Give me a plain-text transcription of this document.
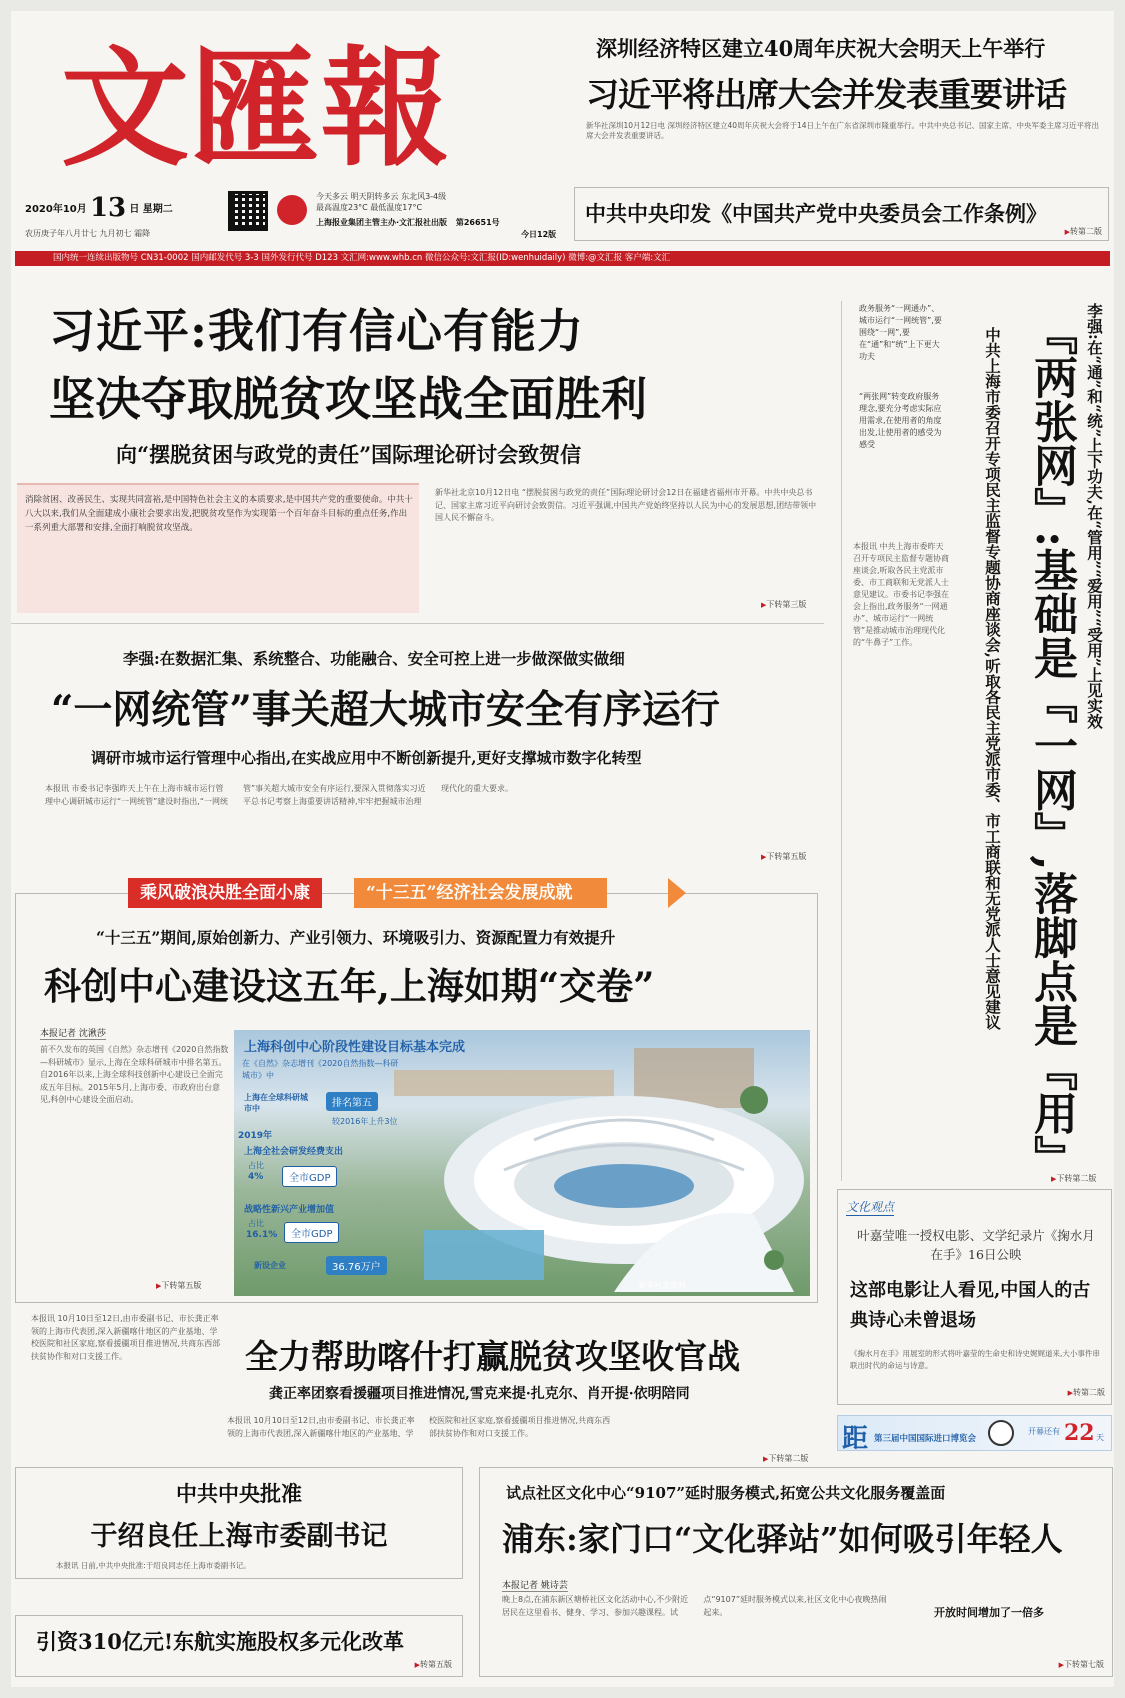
文匯報
2020年10月 13 日 星期二
农历庚子年八月廿七 九月初七 霜降
今天多云 明天阴转多云 东北风3-4级
最高温度23°C 最低温度17°C
上海报业集团主管主办·文汇报社出版 第26651号
今日12版
深圳经济特区建立40周年庆祝大会明天上午举行
习近平将出席大会并发表重要讲话
新华社深圳10月12日电 深圳经济特区建立40周年庆祝大会将于14日上午在广东省深圳市隆重举行。中共中央总书记、国家主席、中央军委主席习近平将出席大会并发表重要讲话。
中共中央印发《中国共产党中央委员会工作条例》
▶ 转第二版
国内统一连续出版物号 CN31-0002 国内邮发代号 3-3 国外发行代号 D123 文汇网:www.whb.cn 微信公众号:文汇报(ID:wenhuidaily) 微博:@文汇报 客户端:文汇
习近平:我们有信心有能力
坚决夺取脱贫攻坚战全面胜利
向“摆脱贫困与政党的责任”国际理论研讨会致贺信
消除贫困、改善民生、实现共同富裕,是中国特色社会主义的本质要求,是中国共产党的重要使命。中共十八大以来,我们从全面建成小康社会要求出发,把脱贫攻坚作为实现第一个百年奋斗目标的重点任务,作出一系列重大部署和安排,全面打响脱贫攻坚战。
新华社北京10月12日电 “摆脱贫困与政党的责任”国际理论研讨会12日在福建省福州市开幕。中共中央总书记、国家主席习近平向研讨会致贺信。习近平强调,中国共产党始终坚持以人民为中心的发展思想,团结带领中国人民不懈奋斗。
▶ 下转第三版
李强:在数据汇集、系统整合、功能融合、安全可控上进一步做深做实做细
“一网统管”事关超大城市安全有序运行
调研市城市运行管理中心指出,在实战应用中不断创新提升,更好支撑城市数字化转型
本报讯 市委书记李强昨天上午在上海市城市运行管理中心调研城市运行“一网统管”建设时指出,“一网统管”事关超大城市安全有序运行,要深入贯彻落实习近平总书记考察上海重要讲话精神,牢牢把握城市治理现代化的重大要求。
▶ 下转第五版
政务服务“一网通办”、城市运行“一网统管”,要围绕“一网”,要在“通”和“统”上下更大功夫
“两张网”转变政府服务理念,要充分考虑实际应用需求,在使用者的角度出发,让使用者的感受为感受
本报讯 中共上海市委昨天召开专项民主监督专题协商座谈会,听取各民主党派市委、市工商联和无党派人士意见建议。市委书记李强在会上指出,政务服务“一网通办”、城市运行“一网统管”是推动城市治理现代化的“牛鼻子”工作。	李强:在“通”和“统”上下功夫,在“管用”“爱用”“受用”上见实效
中共上海市委召开专项民主监督专题协商座谈会,听取各民主党派市委、市工商联和无党派人士意见建议 『两张网』:基础是『一网』,落脚点是『用』
▶ 下转第二版
乘风破浪决胜全面小康	“十三五”经济社会发展成就
“十三五”期间,原始创新力、产业引领力、环境吸引力、资源配置力有效提升
科创中心建设这五年,上海如期“交卷”
本报记者 沈湫莎
前不久发布的英国《自然》杂志增刊《2020自然指数—科研城市》显示,上海在全球科研城市中排名第五。自2016年以来,上海全球科技创新中心建设已全面完成五年目标。2015年5月,上海市委、市政府出台意见,科创中心建设全面启动。
▶ 下转第五版
上海科创中心阶段性建设目标基本完成
在《自然》杂志增刊《2020自然指数—科研城市》中
上海在全球科研城市中	排名第五
较2016年上升3位
2019年
上海全社会研发经费支出
占比
4%	全市GDP
战略性新兴产业增加值
占比
16.1%	全市GDP
新设企业	36.76万户
新华社发资料
文化观点
叶嘉莹唯一授权电影、文学纪录片《掬水月在手》16日公映
这部电影让人看见,中国人的古典诗心未曾退场
《掬水月在手》用展室的形式将叶嘉莹的生命史和诗史娓娓道来,大小事件串联出时代的命运与诗意。
▶ 转第二版
距 第三届中国国际进口博览会
开幕还有 22 天
本报讯 10月10日至12日,由市委副书记、市长龚正率领的上海市代表团,深入新疆喀什地区的产业基地、学校医院和社区家庭,察看援疆项目推进情况,共商东西部扶贫协作和对口支援工作。	全力帮助喀什打赢脱贫攻坚收官战
龚正率团察看援疆项目推进情况,雪克来提·扎克尔、肖开提·依明陪同
本报讯 10月10日至12日,由市委副书记、市长龚正率领的上海市代表团,深入新疆喀什地区的产业基地、学校医院和社区家庭,察看援疆项目推进情况,共商东西部扶贫协作和对口支援工作。
▶ 下转第二版
中共中央批准
于绍良任上海市委副书记
本报讯 日前,中共中央批准:于绍良同志任上海市委副书记。
引资310亿元!东航实施股权多元化改革
▶ 转第五版
试点社区文化中心“9107”延时服务模式,拓宽公共文化服务覆盖面
浦东:家门口“文化驿站”如何吸引年轻人
本报记者 姚诗芸
晚上8点,在浦东新区塘桥社区文化活动中心,不少附近居民在这里看书、健身、学习、参加兴趣课程。试点“9107”延时服务模式以来,社区文化中心夜晚热闹起来。	开放时间增加了一倍多
▶ 下转第七版
